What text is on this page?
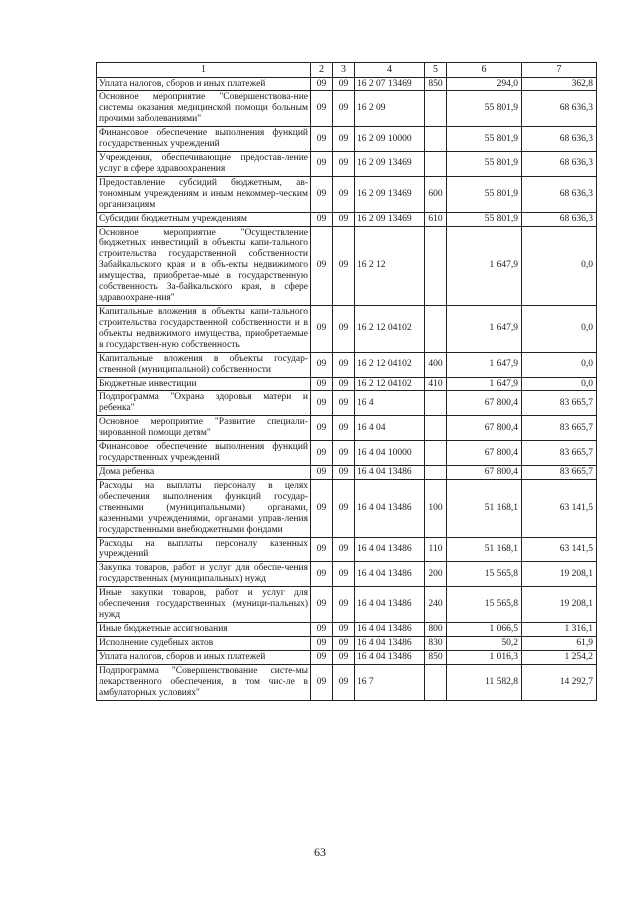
1	2	3	4	5	6	7
Уплата налогов, сборов и иных платежей	09	09	16 2 07 13469	850	294,0	362,8
Основное мероприятие "Совершенствова-ние системы оказания медицинской помощи больным прочими заболеваниями"	09	09	16 2 09		55 801,9	68 636,3
Финансовое обеспечение выполнения функций государственных учреждений	09	09	16 2 09 10000		55 801,9	68 636,3
Учреждения, обеспечивающие предостав-ление услуг в сфере здравоохранения	09	09	16 2 09 13469		55 801,9	68 636,3
Предоставление субсидий бюджетным, ав-тономным учреждениям и иным некоммер-ческим организациям	09	09	16 2 09 13469	600	55 801,9	68 636,3
Субсидии бюджетным учреждениям	09	09	16 2 09 13469	610	55 801,9	68 636,3
Основное мероприятие "Осуществление бюджетных инвестиций в объекты капи-тального строительства государственной собственности Забайкальского края и в объ-екты недвижимого имущества, приобретае-мые в государственную собственность За-байкальского края, в сфере здравоохране-ния"	09	09	16 2 12		1 647,9	0,0
Капитальные вложения в объекты капи-тального строительства государственной собственности и в объекты недвижимого имущества, приобретаемые в государствен-ную собственность	09	09	16 2 12 04102		1 647,9	0,0
Капитальные вложения в объекты государ-ственной (муниципальной) собственности	09	09	16 2 12 04102	400	1 647,9	0,0
Бюджетные инвестиции	09	09	16 2 12 04102	410	1 647,9	0,0
Подпрограмма "Охрана здоровья матери и ребенка"	09	09	16 4		67 800,4	83 665,7
Основное мероприятие "Развитие специали-зированной помощи детям"	09	09	16 4 04		67 800,4	83 665,7
Финансовое обеспечение выполнения функций государственных учреждений	09	09	16 4 04 10000		67 800,4	83 665,7
Дома ребенка	09	09	16 4 04 13486		67 800,4	83 665,7
Расходы на выплаты персоналу в целях обеспечения выполнения функций государ-ственными (муниципальными) органами, казенными учреждениями, органами управ-ления государственными внебюджетными фондами	09	09	16 4 04 13486	100	51 168,1	63 141,5
Расходы на выплаты персоналу казенных учреждений	09	09	16 4 04 13486	110	51 168,1	63 141,5
Закупка товаров, работ и услуг для обеспе-чения государственных (муниципальных) нужд	09	09	16 4 04 13486	200	15 565,8	19 208,1
Иные закупки товаров, работ и услуг для обеспечения государственных (муници-пальных) нужд	09	09	16 4 04 13486	240	15 565,8	19 208,1
Иные бюджетные ассигнования	09	09	16 4 04 13486	800	1 066,5	1 316,1
Исполнение судебных актов	09	09	16 4 04 13486	830	50,2	61,9
Уплата налогов, сборов и иных платежей	09	09	16 4 04 13486	850	1 016,3	1 254,2
Подпрограмма "Совершенствование систе-мы лекарственного обеспечения, в том чис-ле в амбулаторных условиях"	09	09	16 7		11 582,8	14 292,7
63
